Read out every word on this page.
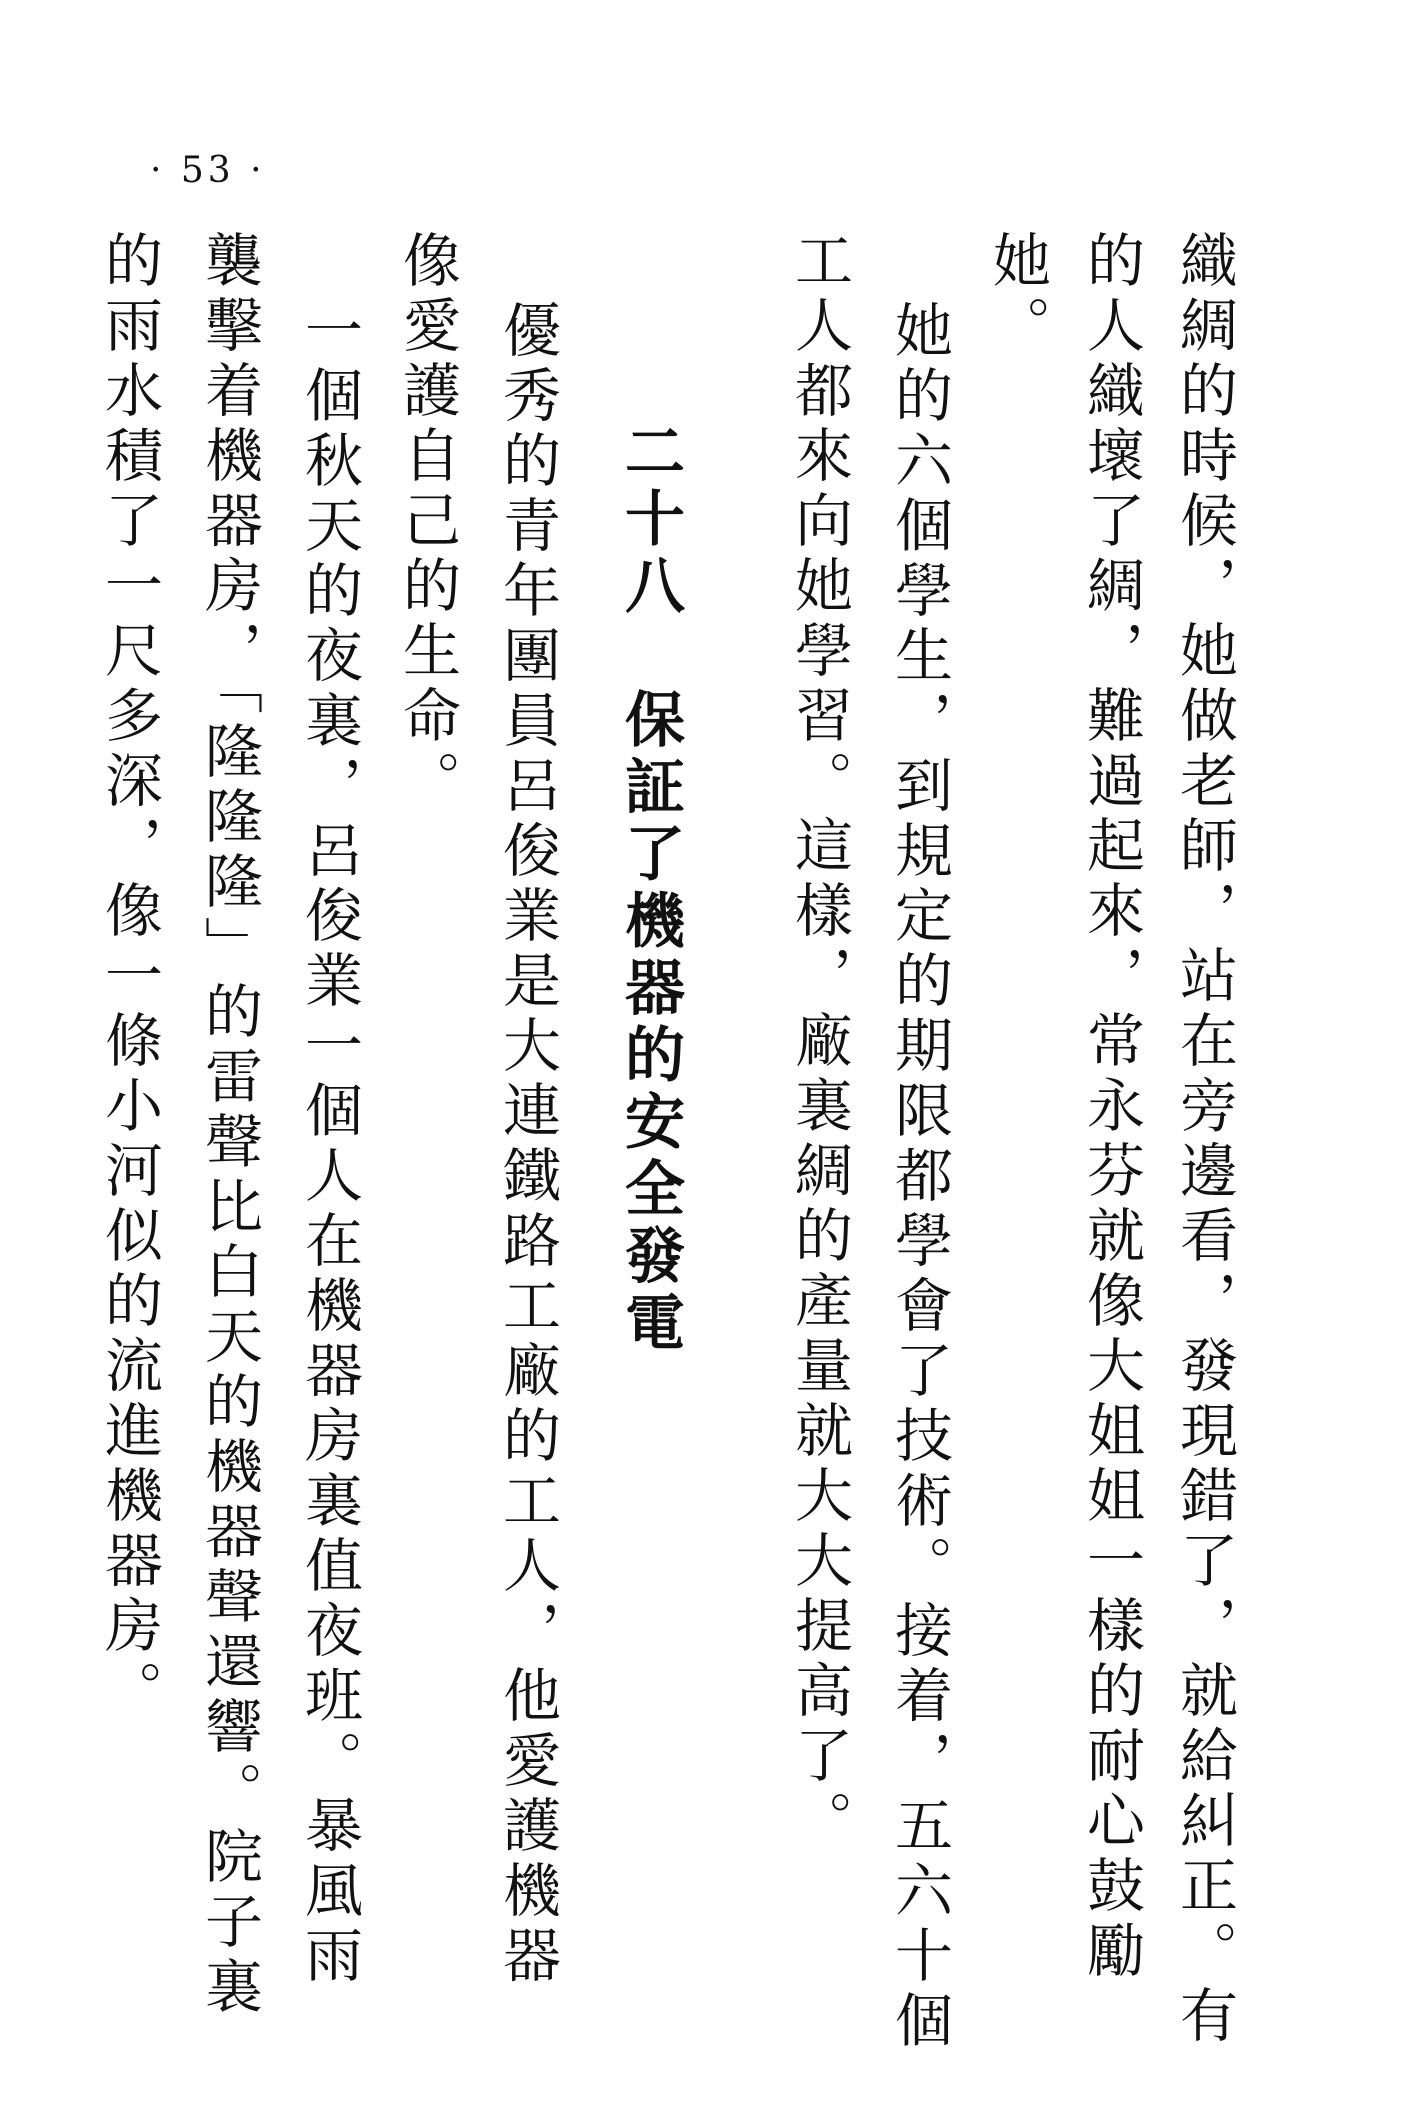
· 53 ·
織綢的時候，她做老師，站在旁邊看，發現錯了，就給糾正。有
的人織壞了綢，難過起來，常永芬就像大姐姐一樣的耐心鼓勵
她。
她的六個學生，到規定的期限都學會了技術。接着，五六十個
工人都來向她學習。這樣，廠裏綢的產量就大大提高了。
二十八　保証了機器的安全發電
優秀的青年團員呂俊業是大連鐵路工廠的工人，他愛護機器
像愛護自己的生命。
一個秋天的夜裏，呂俊業一個人在機器房裏值夜班。暴風雨
襲擊着機器房，「隆隆隆」的雷聲比白天的機器聲還響。院子裏
的雨水積了一尺多深，像一條小河似的流進機器房。
